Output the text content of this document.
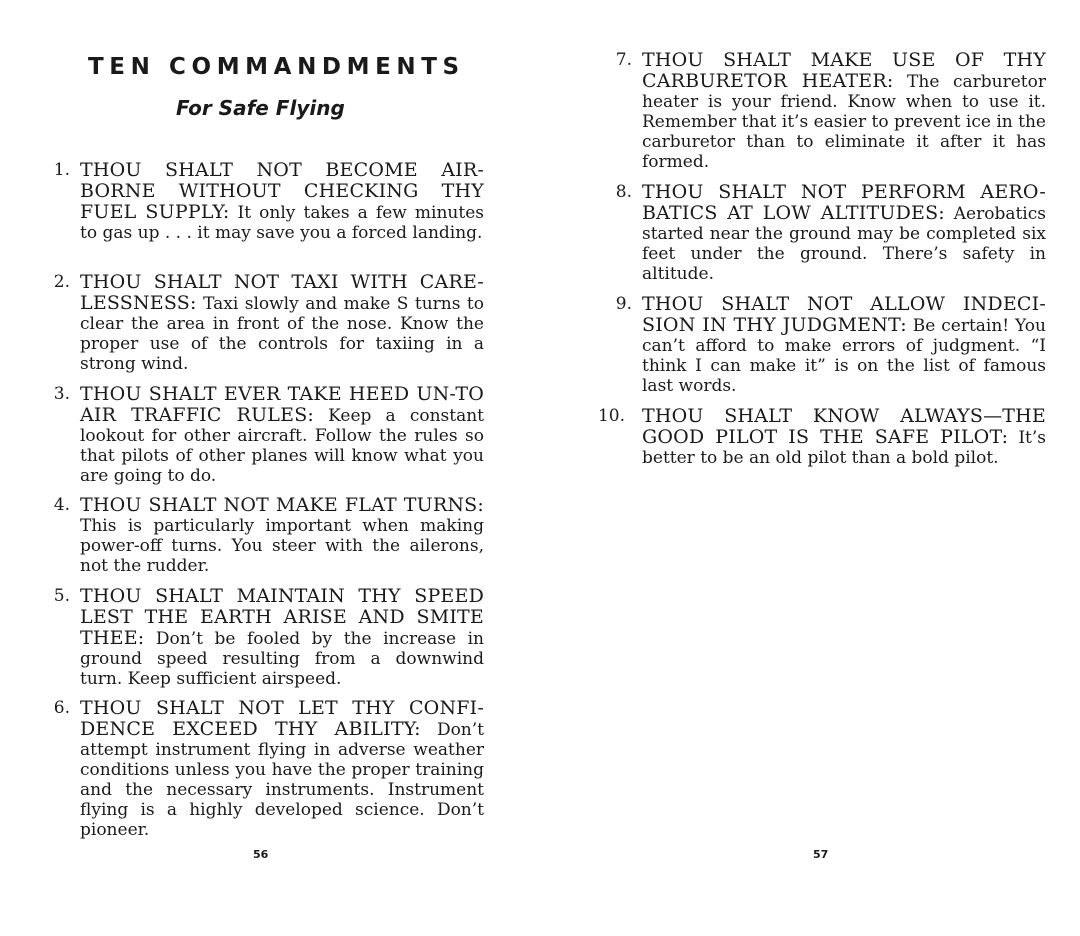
TEN COMMANDMENTS
For Safe Flying
1. THOU SHALT NOT BECOME AIR-BORNE WITHOUT CHECKING THY FUEL SUPPLY: It only takes a few minutes to gas up . . . it may save you a forced landing.
2. THOU SHALT NOT TAXI WITH CARE-LESSNESS: Taxi slowly and make S turns to clear the area in front of the nose. Know the proper use of the controls for taxiing in a strong wind.
3. THOU SHALT EVER TAKE HEED UN-TO AIR TRAFFIC RULES: Keep a constant lookout for other aircraft. Follow the rules so that pilots of other planes will know what you are going to do.
4. THOU SHALT NOT MAKE FLAT TURNS: This is particularly important when making power-off turns. You steer with the ailerons, not the rudder.
5. THOU SHALT MAINTAIN THY SPEED LEST THE EARTH ARISE AND SMITE THEE: Don’t be fooled by the increase in ground speed resulting from a downwind turn. Keep sufficient airspeed.
6. THOU SHALT NOT LET THY CONFI-DENCE EXCEED THY ABILITY: Don’t attempt instrument flying in adverse weather conditions unless you have the proper training and the necessary instruments. Instrument flying is a highly developed science. Don’t pioneer.
56
7. THOU SHALT MAKE USE OF THY CARBURETOR HEATER: The carburetor heater is your friend. Know when to use it. Remember that it’s easier to prevent ice in the carburetor than to eliminate it after it has formed.
8. THOU SHALT NOT PERFORM AERO-BATICS AT LOW ALTITUDES: Aerobatics started near the ground may be completed six feet under the ground. There’s safety in altitude.
9. THOU SHALT NOT ALLOW INDECI-SION IN THY JUDGMENT: Be certain! You can’t afford to make errors of judgment. “I think I can make it” is on the list of famous last words.
10. THOU SHALT KNOW ALWAYS—THE GOOD PILOT IS THE SAFE PILOT: It’s better to be an old pilot than a bold pilot.
57
